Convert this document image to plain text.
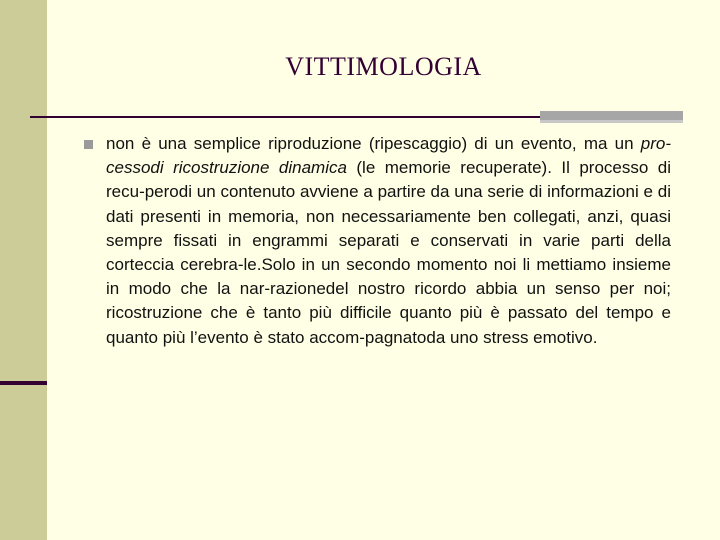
VITTIMOLOGIA

non è una semplice riproduzione (ripescaggio) di un evento, ma un pro-cessodi ricostruzione dinamica (le memorie recuperate). Il processo di recu-perodi un contenuto avviene a partire da una serie di informazioni e di dati presenti in memoria, non necessariamente ben collegati, anzi, quasi sempre fissati in engrammi separati e conservati in varie parti della corteccia cerebra-le.Solo in un secondo momento noi li mettiamo insieme in modo che la nar-razionedel nostro ricordo abbia un senso per noi; ricostruzione che è tanto più difficile quanto più è passato del tempo e quanto più l’evento è stato accom-pagnatoda uno stress emotivo.
